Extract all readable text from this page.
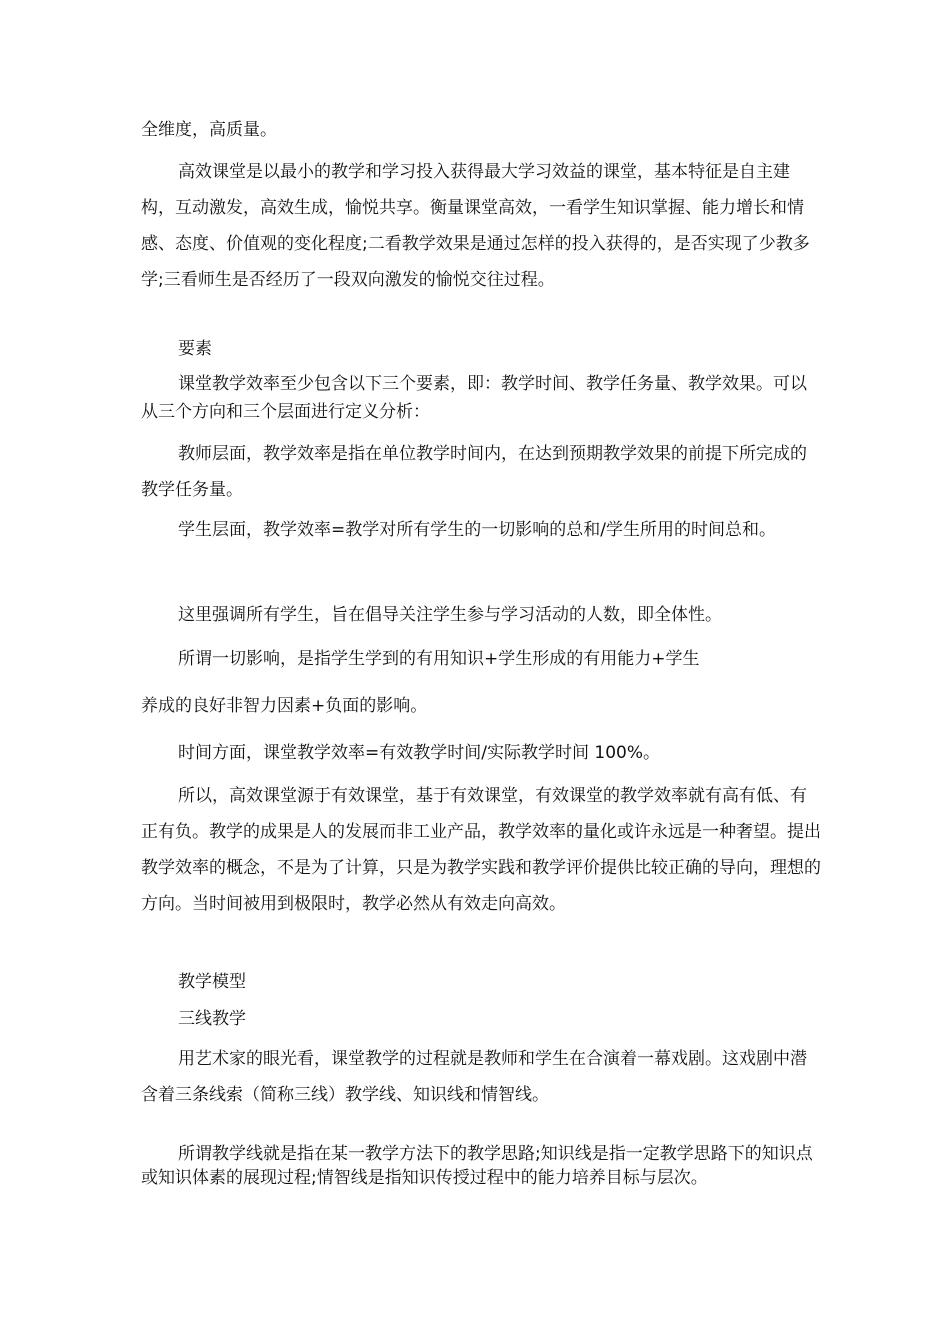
全维度，高质量。

高效课堂是以最小的教学和学习投入获得最大学习效益的课堂，基本特征是自主建构，互动激发，高效生成，愉悦共享。衡量课堂高效，一看学生知识掌握、能力增长和情感、态度、价值观的变化程度;二看教学效果是通过怎样的投入获得的，是否实现了少教多学;三看师生是否经历了一段双向激发的愉悦交往过程。

要素

课堂教学效率至少包含以下三个要素，即：教学时间、教学任务量、教学效果。可以从三个方向和三个层面进行定义分析：

教师层面，教学效率是指在单位教学时间内，在达到预期教学效果的前提下所完成的教学任务量。

学生层面，教学效率=教学对所有学生的一切影响的总和/学生所用的时间总和。

这里强调所有学生，旨在倡导关注学生参与学习活动的人数，即全体性。

所谓一切影响，是指学生学到的有用知识+学生形成的有用能力+学生

养成的良好非智力因素+负面的影响。

时间方面，课堂教学效率=有效教学时间/实际教学时间 100%。

所以，高效课堂源于有效课堂，基于有效课堂，有效课堂的教学效率就有高有低、有正有负。教学的成果是人的发展而非工业产品，教学效率的量化或许永远是一种奢望。提出教学效率的概念，不是为了计算，只是为教学实践和教学评价提供比较正确的导向，理想的方向。当时间被用到极限时，教学必然从有效走向高效。

教学模型

三线教学

用艺术家的眼光看，课堂教学的过程就是教师和学生在合演着一幕戏剧。这戏剧中潜含着三条线索（简称三线）教学线、知识线和情智线。

所谓教学线就是指在某一教学方法下的教学思路;知识线是指一定教学思路下的知识点或知识体素的展现过程;情智线是指知识传授过程中的能力培养目标与层次。
